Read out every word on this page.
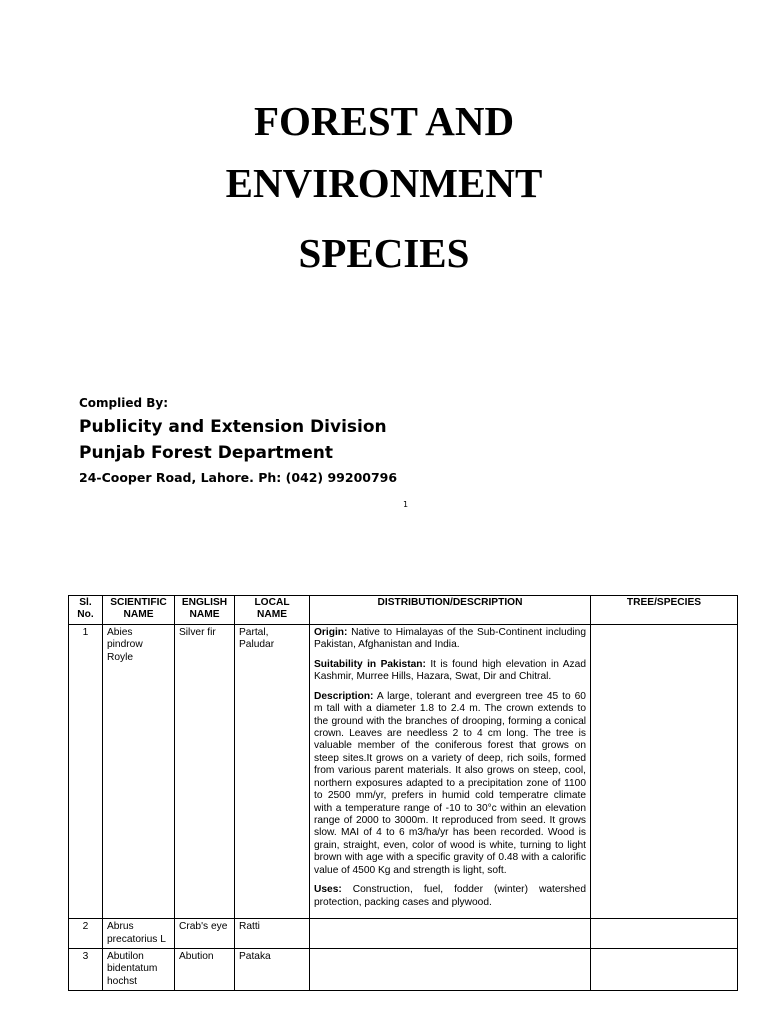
FOREST AND
ENVIRONMENT
SPECIES
Complied By:
Publicity and Extension Division
Punjab Forest Department
24-Cooper Road, Lahore. Ph: (042) 99200796
1
Sl. No.	SCIENTIFIC NAME	ENGLISH NAME	LOCAL NAME	DISTRIBUTION/DESCRIPTION	TREE/SPECIES
1	Abies pindrow Royle	Silver fir	Partal, Paludar	Origin: Native to Himalayas of the Sub-Continent including Pakistan, Afghanistan and India.

Suitability in Pakistan: It is found high elevation in Azad Kashmir, Murree Hills, Hazara, Swat, Dir and Chitral.

Description: A large, tolerant and evergreen tree 45 to 60 m tall with a diameter 1.8 to 2.4 m. The crown extends to the ground with the branches of drooping, forming a conical crown. Leaves are needless 2 to 4 cm long. The tree is valuable member of the coniferous forest that grows on steep sites.It grows on a variety of deep, rich soils, formed from various parent materials. It also grows on steep, cool, northern exposures adapted to a precipitation zone of 1100 to 2500 mm/yr, prefers in humid cold temperatre climate with a temperature range of -10 to 30°c within an elevation range of 2000 to 3000m. It reproduced from seed. It grows slow. MAI of 4 to 6 m3/ha/yr has been recorded. Wood is grain, straight, even, color of wood is white, turning to light brown with age with a specific gravity of 0.48 with a calorific value of 4500 Kg and strength is light, soft.

Uses: Construction, fuel, fodder (winter) watershed protection, packing cases and plywood.	

2	Abrus precatorius L	Crab's eye	Ratti		
3	Abutilon bidentatum hochst	Abution	Pataka		
